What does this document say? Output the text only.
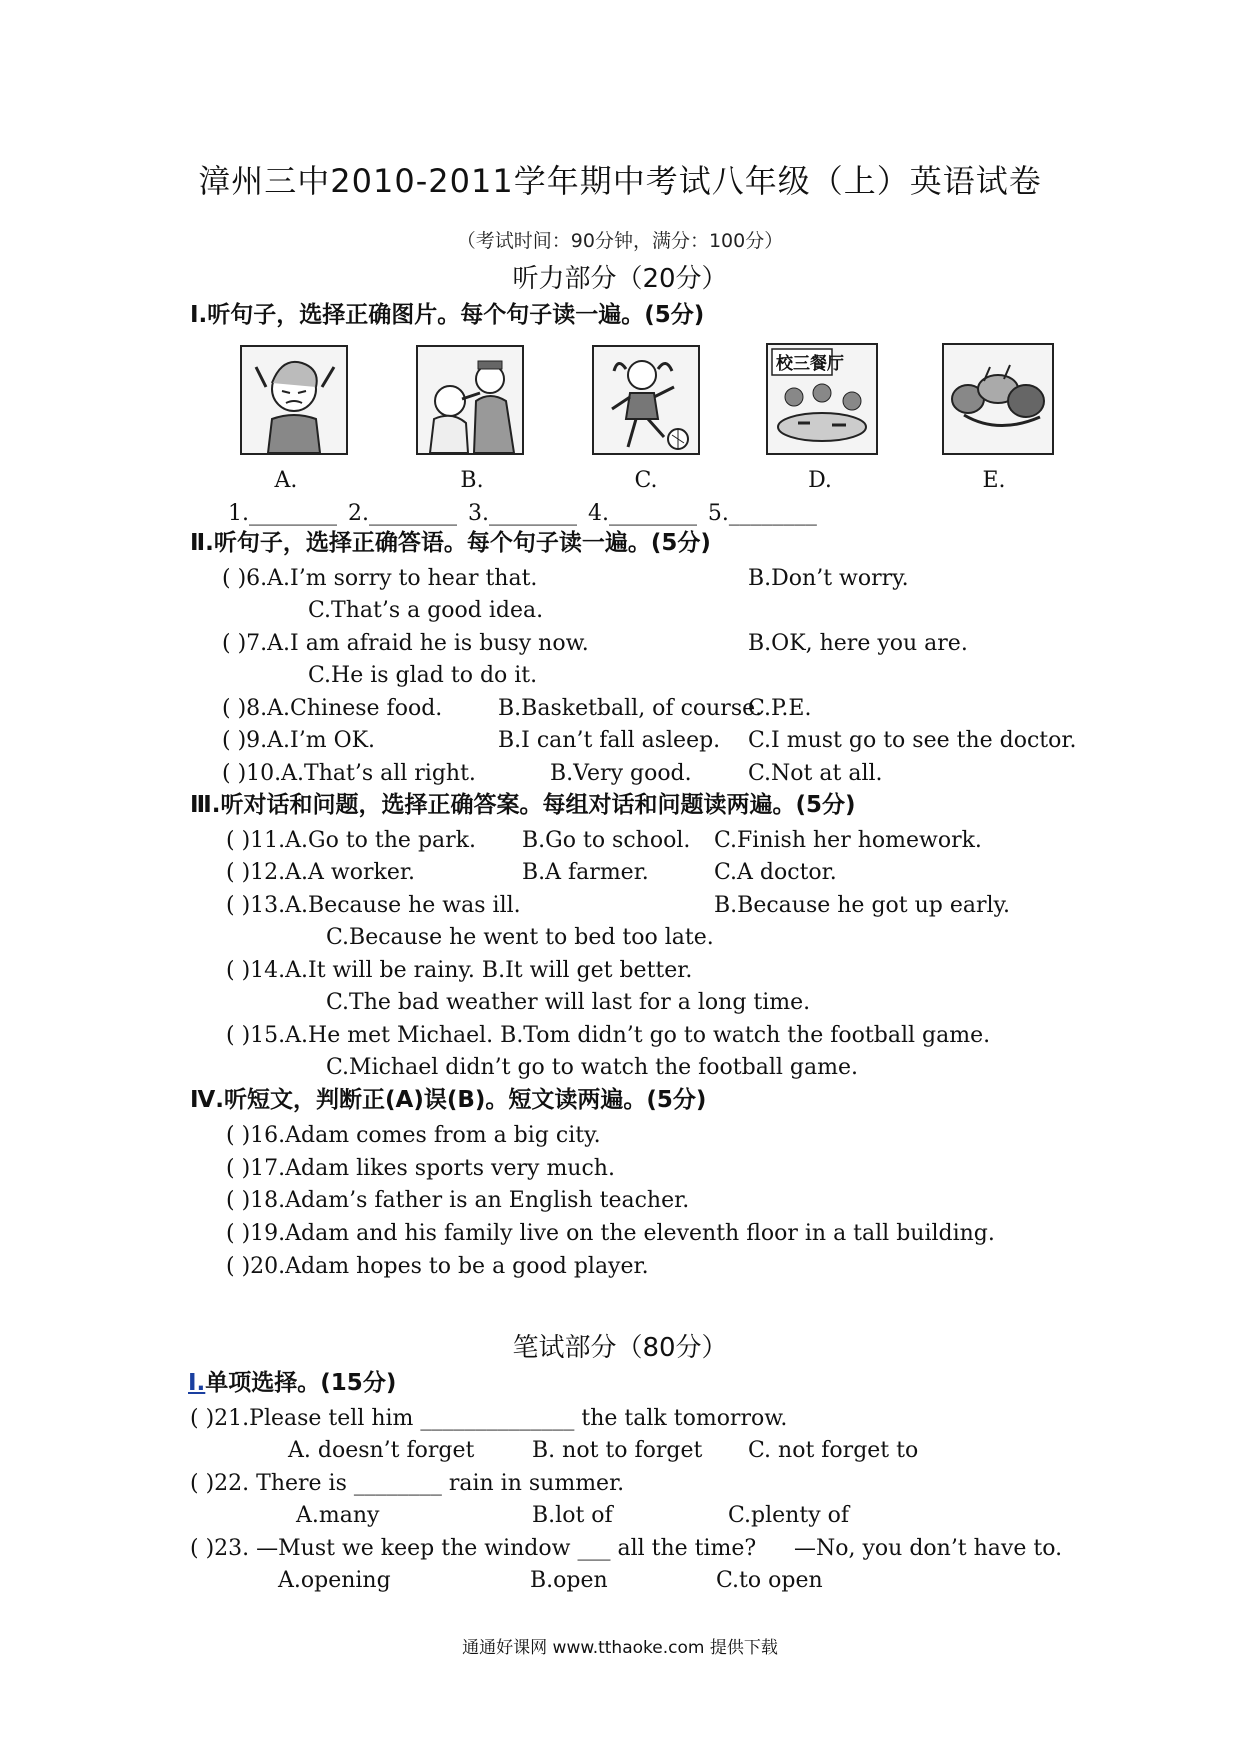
漳州三中2010-2011学年期中考试八年级（上）英语试卷
（考试时间：90分钟，满分：100分）
听力部分（20分）
Ⅰ.听句子，选择正确图片。每个句子读一遍。(5分)
校三餐厅
A.	B.	C.	D.	E.
1.________ 2.________ 3.________ 4.________ 5.________
Ⅱ.听句子，选择正确答语。每个句子读一遍。(5分)
( )6.A.I’m sorry to hear that.	B.Don’t worry.
C.That’s a good idea.
( )7.A.I am afraid he is busy now.	B.OK, here you are.
C.He is glad to do it.
( )8.A.Chinese food.	B.Basketball, of course.
C.P.E.
( )9.A.I’m OK.	B.I can’t fall asleep. C.I must go to see the doctor.
( )10.A.That’s all right.	B.Very good.	C.Not at all.
Ⅲ.听对话和问题，选择正确答案。每组对话和问题读两遍。(5分)
( )11.A.Go to the park. B.Go to school. C.Finish her homework.
( )12.A.A worker.	B.A farmer.	C.A doctor.
( )13.A.Because he was ill.	B.Because he got up early.
C.Because he went to bed too late.
( )14.A.It will be rainy. B.It will get better.
C.The bad weather will last for a long time.
( )15.A.He met Michael. B.Tom didn’t go to watch the football game.
C.Michael didn’t go to watch the football game.
Ⅳ.听短文，判断正(A)误(B)。短文读两遍。(5分)
( )16.Adam comes from a big city.
( )17.Adam likes sports very much.
( )18.Adam’s father is an English teacher.
( )19.Adam and his family live on the eleventh floor in a tall building.
( )20.Adam hopes to be a good player.
笔试部分（80分）
I.单项选择。(15分)
( )21.Please tell him ______________ the talk tomorrow.
A. doesn’t forget	B. not to forget C. not forget to
( )22. There is ________ rain in summer.
A.many	B.lot of	C.plenty of
( )23. —Must we keep the window ___ all the time? —No, you don’t have to.
A.opening	B.open	C.to open
通通好课网 www.tthaoke.com 提供下载
